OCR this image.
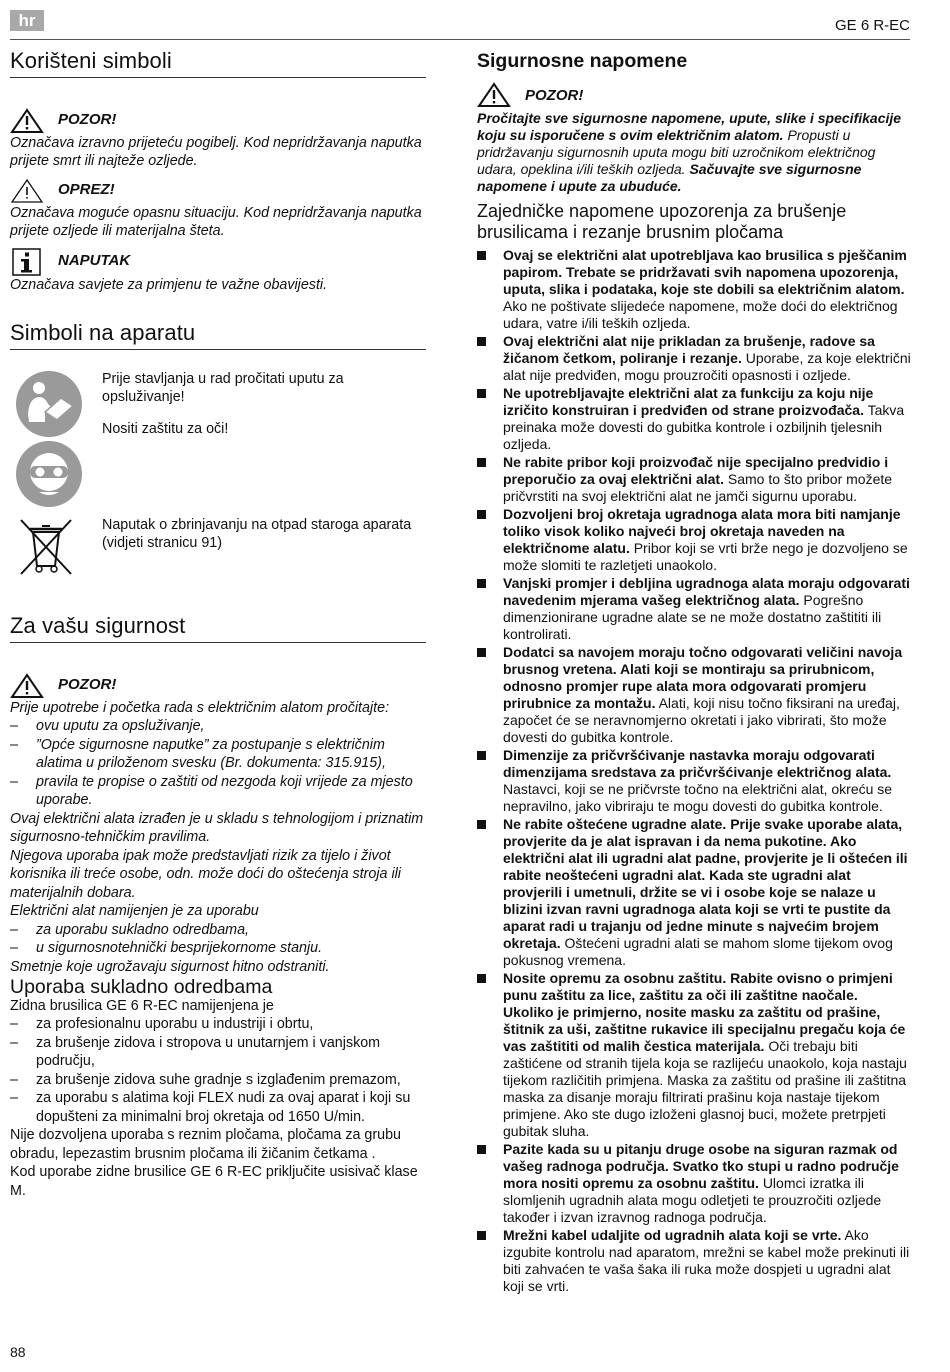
hr	GE 6 R-EC
Korišteni simboli
POZOR!

Označava izravno prijeteću pogibelj. Kod nepridržavanja naputka prijete smrt ili najteže ozljede.

OPREZ!

Označava moguće opasnu situaciju. Kod nepridržavanja naputka prijete ozljede ili materijalna šteta.

NAPUTAK

Označava savjete za primjenu te važne obavijesti.

Simboli na aparatu

Prije stavljanja u rad pročitati uputu za opsluživanje!

Nositi zaštitu za oči!

Naputak o zbrinjavanju na otpad staroga aparata (vidjeti stranicu 91)

Za vašu sigurnost
POZOR!

Prije upotrebe i početka rada s električnim alatom pročitajte:

–	ovu uputu za opsluživanje,
–	”Opće sigurnosne naputke” za postupanje s električnim alatima u priloženom svesku (Br. dokumenta: 315.915),
–	pravila te propise o zaštiti od nezgoda koji vrijede za mjesto uporabe.

Ovaj električni alata izrađen je u skladu s tehnologijom i priznatim sigurnosno-tehničkim pravilima.

Njegova uporaba ipak može predstavljati rizik za tijelo i život korisnika ili treće osobe, odn. može doći do oštećenja stroja ili materijalnih dobara.

Električni alat namijenjen je za uporabu

–	za uporabu sukladno odredbama,
–	u sigurnosnotehnički besprijekornome stanju.

Smetnje koje ugrožavaju sigurnost hitno odstraniti.

Uporaba sukladno odredbama

Zidna brusilica GE 6 R-EC namijenjena je

–	za profesionalnu uporabu u industriji i obrtu,
–	za brušenje zidova i stropova u unutarnjem i vanjskom području,
–	za brušenje zidova suhe gradnje s izglađenim premazom,
–	za uporabu s alatima koji FLEX nudi za ovaj aparat i koji su dopušteni za minimalni broj okretaja od 1650 U/min.

Nije dozvoljena uporaba s reznim pločama, pločama za grubu obradu, lepezastim brusnim pločama ili žičanim četkama .

Kod uporabe zidne brusilice GE 6 R-EC priključite usisivač klase M.

Sigurnosne napomene
POZOR!

Pročitajte sve sigurnosne napomene, upute, slike i specifikacije koju su isporučene s ovim električnim alatom. Propusti u pridržavanju sigurnosnih uputa mogu biti uzročnikom električnog udara, opeklina i/ili teških ozljeda. Sačuvajte sve sigurnosne napomene i upute za ubuduće.

Zajedničke napomene upozorenja za brušenje brusilicama i rezanje brusnim pločama
Ovaj se električni alat upotrebljava kao brusilica s pješčanim papirom. Trebate se pridržavati svih napomena upozorenja, uputa, slika i podataka, koje ste dobili sa električnim alatom. Ako ne poštivate slijedeće napomene, može doći do električnog udara, vatre i/ili teških ozljeda.
Ovaj električni alat nije prikladan za brušenje, radove sa žičanom četkom, poliranje i rezanje. Uporabe, za koje električni alat nije predviđen, mogu prouzročiti opasnosti i ozljede.
Ne upotrebljavajte električni alat za funkciju za koju nije izričito konstruiran i predviđen od strane proizvođača. Takva preinaka može dovesti do gubitka kontrole i ozbiljnih tjelesnih ozljeda.
Ne rabite pribor koji proizvođač nije specijalno predvidio i preporučio za ovaj električni alat. Samo to što pribor možete pričvrstiti na svoj električni alat ne jamči sigurnu uporabu.
Dozvoljeni broj okretaja ugradnoga alata mora biti namjanje toliko visok koliko najveći broj okretaja naveden na električnome alatu. Pribor koji se vrti brže nego je dozvoljeno se može slomiti te razletjeti unaokolo.
Vanjski promjer i debljina ugradnoga alata moraju odgovarati navedenim mjerama vašeg električnog alata. Pogrešno dimenzionirane ugradne alate se ne može dostatno zaštititi ili kontrolirati.
Dodatci sa navojem moraju točno odgovarati veličini navoja brusnog vretena. Alati koji se montiraju sa prirubnicom, odnosno promjer rupe alata mora odgovarati promjeru prirubnice za montažu. Alati, koji nisu točno fiksirani na uređaj, započet će se neravnomjerno okretati i jako vibrirati, što može dovesti do gubitka kontrole.
Dimenzije za pričvršćivanje nastavka moraju odgovarati dimenzijama sredstava za pričvršćivanje električnog alata. Nastavci, koji se ne pričvrste točno na električni alat, okreću se nepravilno, jako vibriraju te mogu dovesti do gubitka kontrole.
Ne rabite oštećene ugradne alate. Prije svake uporabe alata, provjerite da je alat ispravan i da nema pukotine. Ako električni alat ili ugradni alat padne, provjerite je li oštećen ili rabite neoštećeni ugradni alat. Kada ste ugradni alat provjerili i umetnuli, držite se vi i osobe koje se nalaze u blizini izvan ravni ugradnoga alata koji se vrti te pustite da aparat radi u trajanju od jedne minute s najvećim brojem okretaja. Oštećeni ugradni alati se mahom slome tijekom ovog pokusnog vremena.
Nosite opremu za osobnu zaštitu. Rabite ovisno o primjeni punu zaštitu za lice, zaštitu za oči ili zaštitne naočale. Ukoliko je primjerno, nosite masku za zaštitu od prašine, štitnik za uši, zaštitne rukavice ili specijalnu pregaču koja će vas zaštititi od malih čestica materijala. Oči trebaju biti zaštićene od stranih tijela koja se razlijeću unaokolo, koja nastaju tijekom različitih primjena. Maska za zaštitu od prašine ili zaštitna maska za disanje moraju filtrirati prašinu koja nastaje tijekom primjene. Ako ste dugo izloženi glasnoj buci, možete pretrpjeti gubitak sluha.
Pazite kada su u pitanju druge osobe na siguran razmak od vašeg radnoga područja. Svatko tko stupi u radno područje mora nositi opremu za osobnu zaštitu. Ulomci izratka ili slomljenih ugradnih alata mogu odletjeti te prouzročiti ozljede također i izvan izravnog radnoga područja.
Mrežni kabel udaljite od ugradnih alata koji se vrte. Ako izgubite kontrolu nad aparatom, mrežni se kabel može prekinuti ili biti zahvaćen te vaša šaka ili ruka može dospjeti u ugradni alat koji se vrti.
88
